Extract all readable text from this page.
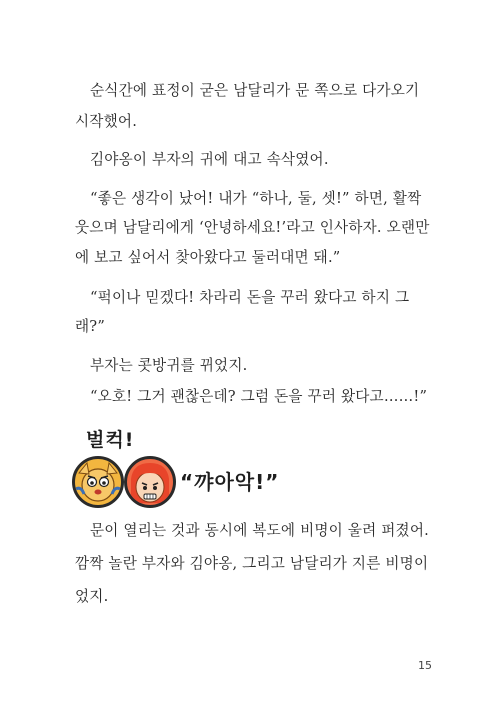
순식간에 표정이 굳은 남달리가 문 쪽으로 다가오기
시작했어.
김야옹이 부자의 귀에 대고 속삭였어.
“좋은 생각이 났어! 내가 “하나, 둘, 셋!” 하면, 활짝
웃으며 남달리에게 ‘안녕하세요!’라고 인사하자. 오랜만
에 보고 싶어서 찾아왔다고 둘러대면 돼.”
“퍽이나 믿겠다! 차라리 돈을 꾸러 왔다고 하지 그
래?”
부자는 콧방귀를 뀌었지.
“오호! 그거 괜찮은데? 그럼 돈을 꾸러 왔다고……!”
벌컥!
“꺄아악!”
문이 열리는 것과 동시에 복도에 비명이 울려 퍼졌어.
깜짝 놀란 부자와 김야옹, 그리고 남달리가 지른 비명이
었지.
15
